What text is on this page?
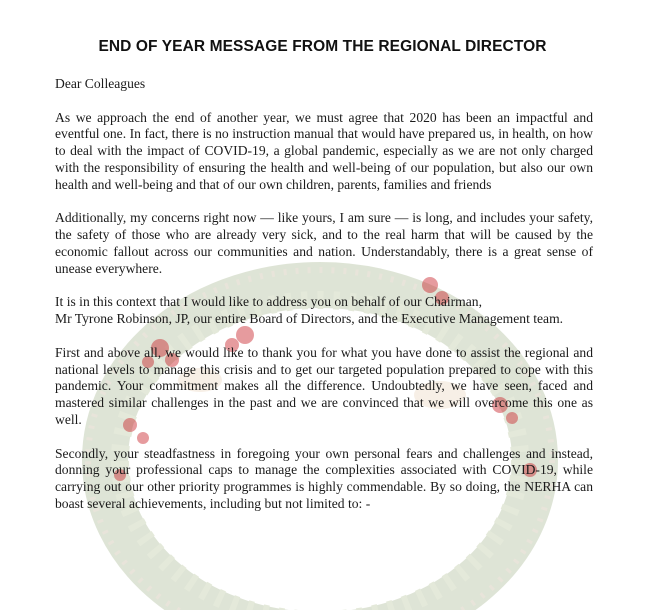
END OF YEAR MESSAGE FROM THE REGIONAL DIRECTOR

Dear Colleagues

As we approach the end of another year, we must agree that 2020 has been an impactful and eventful one. In fact, there is no instruction manual that would have prepared us, in health, on how to deal with the impact of COVID-19, a global pandemic, especially as we are not only charged with the responsibility of ensuring the health and well-being of our population, but also our own health and well-being and that of our own children, parents, families and friends

Additionally, my concerns right now — like yours, I am sure — is long, and includes your safety, the safety of those who are already very sick, and to the real harm that will be caused by the economic fallout across our communities and nation. Understandably, there is a great sense of unease everywhere.

It is in this context that I would like to address you on behalf of our Chairman,
Mr Tyrone Robinson, JP, our entire Board of Directors, and the Executive Management team.

First and above all, we would like to thank you for what you have done to assist the regional and national levels to manage this crisis and to get our targeted population prepared to cope with this pandemic. Your commitment makes all the difference. Undoubtedly, we have seen, faced and mastered similar challenges in the past and we are convinced that we will overcome this one as well.

Secondly, your steadfastness in foregoing your own personal fears and challenges and instead, donning your professional caps to manage the complexities associated with COVID-19, while carrying out our other priority programmes is highly commendable. By so doing, the NERHA can boast several achievements, including but not limited to: -
